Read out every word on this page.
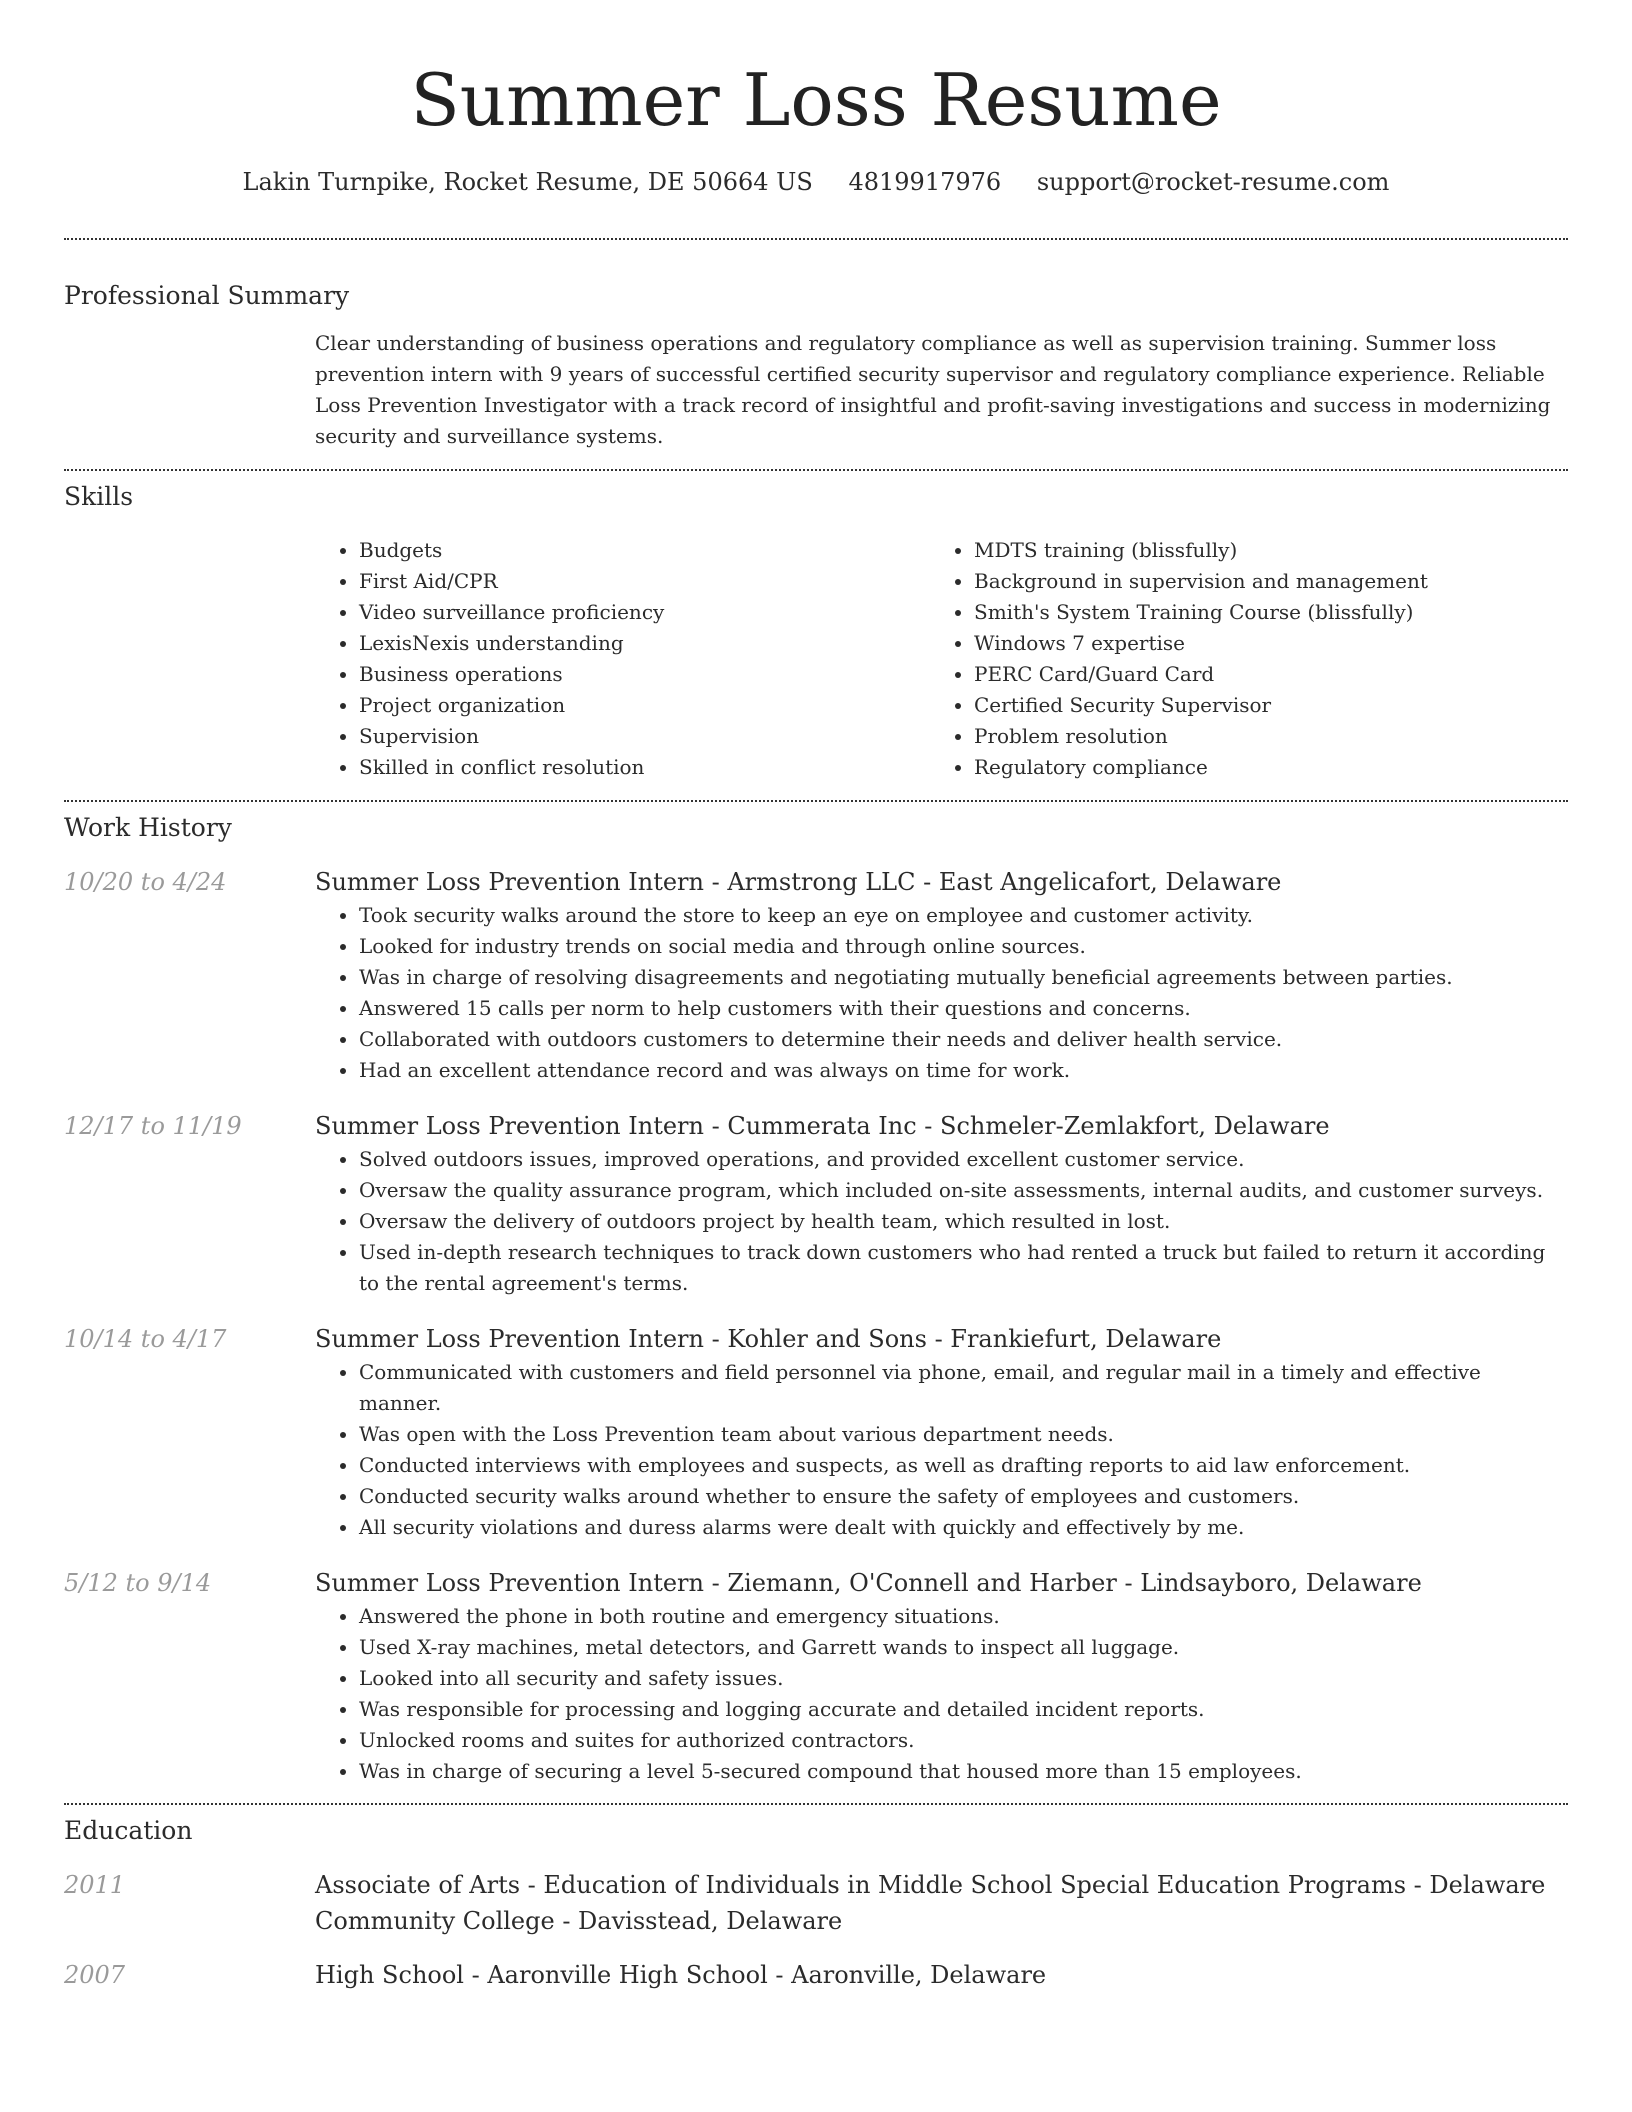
Summer Loss Resume
Lakin Turnpike, Rocket Resume, DE 50664 US 4819917976 support@rocket-resume.com
Professional Summary
Clear understanding of business operations and regulatory compliance as well as supervision training. Summer loss prevention intern with 9 years of successful certified security supervisor and regulatory compliance experience. Reliable Loss Prevention Investigator with a track record of insightful and profit-saving investigations and success in modernizing security and surveillance systems.
Skills
• Budgets
• First Aid/CPR
• Video surveillance proficiency
• LexisNexis understanding
• Business operations
• Project organization
• Supervision
• Skilled in conflict resolution
• MDTS training (blissfully)
• Background in supervision and management
• Smith's System Training Course (blissfully)
• Windows 7 expertise
• PERC Card/Guard Card
• Certified Security Supervisor
• Problem resolution
• Regulatory compliance
Work History
10/20 to 4/24	Summer Loss Prevention Intern - Armstrong LLC - East Angelicafort, Delaware
• Took security walks around the store to keep an eye on employee and customer activity.
• Looked for industry trends on social media and through online sources.
• Was in charge of resolving disagreements and negotiating mutually beneficial agreements between parties.
• Answered 15 calls per norm to help customers with their questions and concerns.
• Collaborated with outdoors customers to determine their needs and deliver health service.
• Had an excellent attendance record and was always on time for work.
12/17 to 11/19	Summer Loss Prevention Intern - Cummerata Inc - Schmeler-Zemlakfort, Delaware
• Solved outdoors issues, improved operations, and provided excellent customer service.
• Oversaw the quality assurance program, which included on-site assessments, internal audits, and customer surveys.
• Oversaw the delivery of outdoors project by health team, which resulted in lost.
• Used in-depth research techniques to track down customers who had rented a truck but failed to return it according to the rental agreement's terms.
10/14 to 4/17	Summer Loss Prevention Intern - Kohler and Sons - Frankiefurt, Delaware
• Communicated with customers and field personnel via phone, email, and regular mail in a timely and effective manner.
• Was open with the Loss Prevention team about various department needs.
• Conducted interviews with employees and suspects, as well as drafting reports to aid law enforcement.
• Conducted security walks around whether to ensure the safety of employees and customers.
• All security violations and duress alarms were dealt with quickly and effectively by me.
5/12 to 9/14	Summer Loss Prevention Intern - Ziemann, O'Connell and Harber - Lindsayboro, Delaware
• Answered the phone in both routine and emergency situations.
• Used X-ray machines, metal detectors, and Garrett wands to inspect all luggage.
• Looked into all security and safety issues.
• Was responsible for processing and logging accurate and detailed incident reports.
• Unlocked rooms and suites for authorized contractors.
• Was in charge of securing a level 5-secured compound that housed more than 15 employees.
Education
2011	Associate of Arts - Education of Individuals in Middle School Special Education Programs - Delaware Community College - Davisstead, Delaware
2007	High School - Aaronville High School - Aaronville, Delaware
